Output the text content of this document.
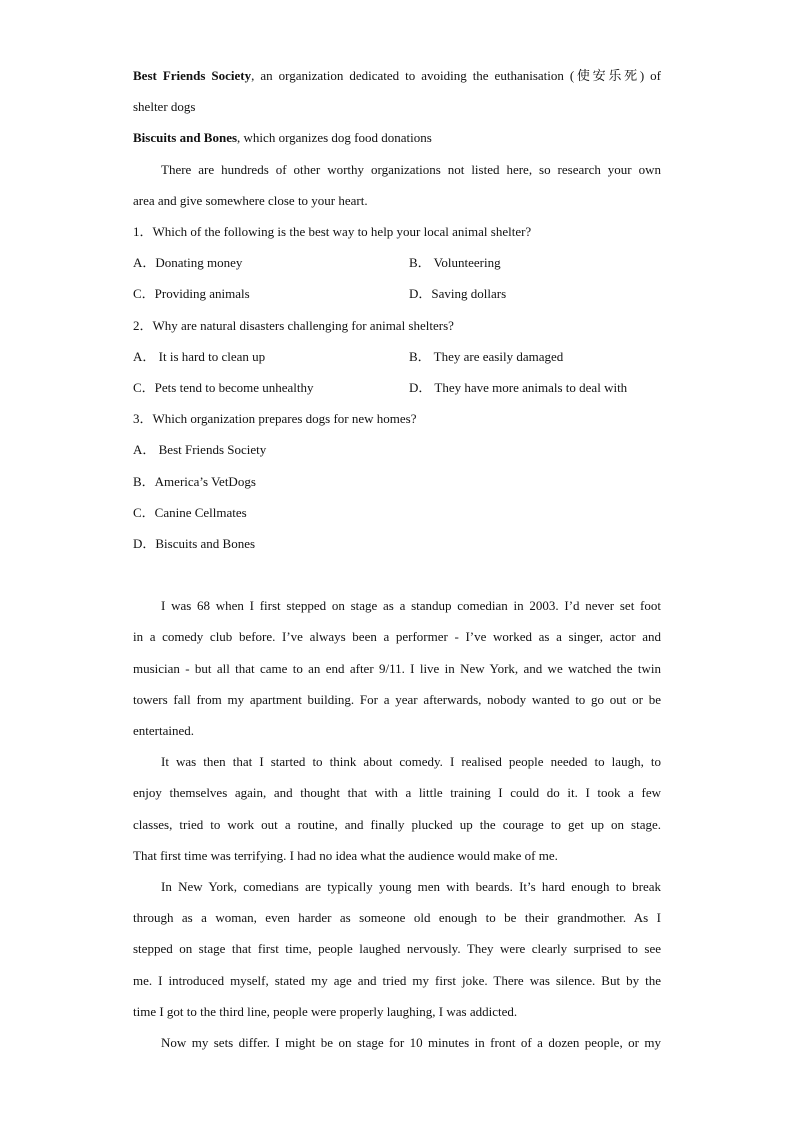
Best Friends Society, an organization dedicated to avoiding the euthanisation (使安乐死) of
shelter dogs
Biscuits and Bones, which organizes dog food donations
There are hundreds of other worthy organizations not listed here, so research your own
area and give somewhere close to your heart.
1．Which of the following is the best way to help your local animal shelter?
A．Donating money	B． Volunteering
C．Providing animals	D．Saving dollars
2．Why are natural disasters challenging for animal shelters?
A． It is hard to clean up	B． They are easily damaged
C．Pets tend to become unhealthy	D． They have more animals to deal with
3．Which organization prepares dogs for new homes?
A． Best Friends Society
B．America’s VetDogs
C．Canine Cellmates
D．Biscuits and Bones
I was 68 when I first stepped on stage as a standup comedian in 2003. I’d never set foot
in a comedy club before. I’ve always been a performer - I’ve worked as a singer, actor and
musician - but all that came to an end after 9/11. I live in New York, and we watched the twin
towers fall from my apartment building. For a year afterwards, nobody wanted to go out or be
entertained.
It was then that I started to think about comedy. I realised people needed to laugh, to
enjoy themselves again, and thought that with a little training I could do it. I took a few
classes, tried to work out a routine, and finally plucked up the courage to get up on stage.
That first time was terrifying. I had no idea what the audience would make of me.
In New York, comedians are typically young men with beards. It’s hard enough to break
through as a woman, even harder as someone old enough to be their grandmother. As I
stepped on stage that first time, people laughed nervously. They were clearly surprised to see
me. I introduced myself, stated my age and tried my first joke. There was silence. But by the
time I got to the third line, people were properly laughing, I was addicted.
Now my sets differ. I might be on stage for 10 minutes in front of a dozen people, or my
